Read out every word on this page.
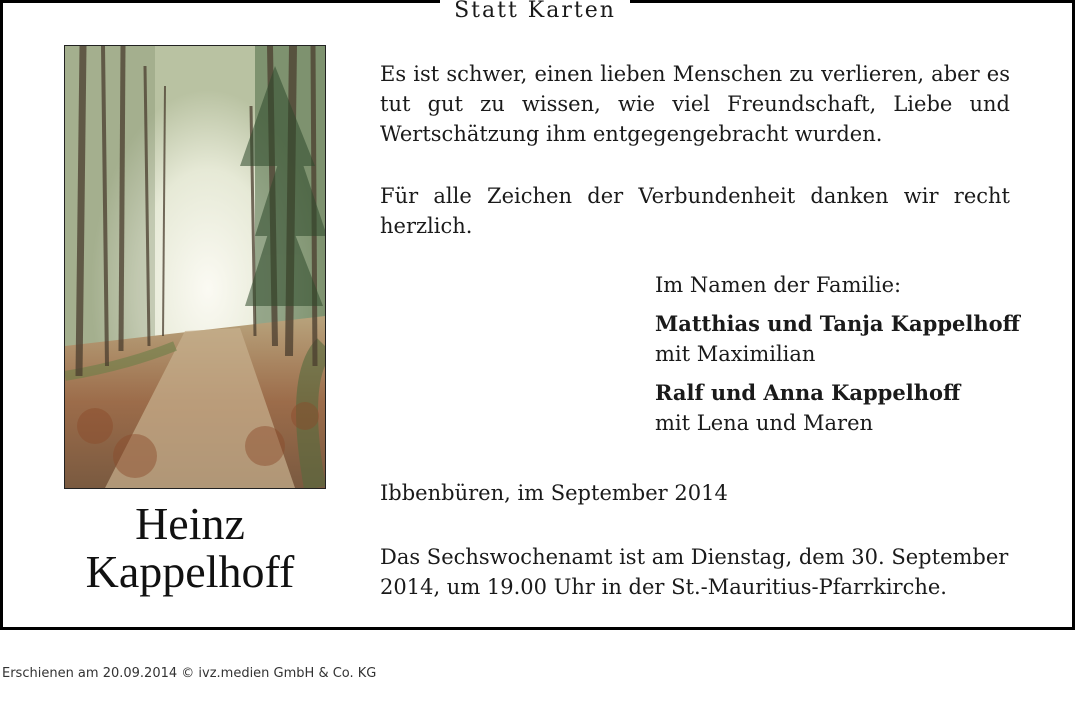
Statt Karten
Heinz
Kappelhoff
Es ist schwer, einen lieben Menschen zu verlieren, aber es tut gut zu wissen, wie viel Freundschaft, Liebe und Wertschätzung ihm entgegengebracht wurden.
Für alle Zeichen der Verbundenheit danken wir recht herzlich.
Im Namen der Familie:
Matthias und Tanja Kappelhoff
mit Maximilian
Ralf und Anna Kappelhoff
mit Lena und Maren
Ibbenbüren, im September 2014
Das Sechswochenamt ist am Dienstag, dem 30. September 2014, um 19.00 Uhr in der St.-Mauritius-Pfarrkirche.
Erschienen am 20.09.2014 © ivz.medien GmbH & Co. KG
